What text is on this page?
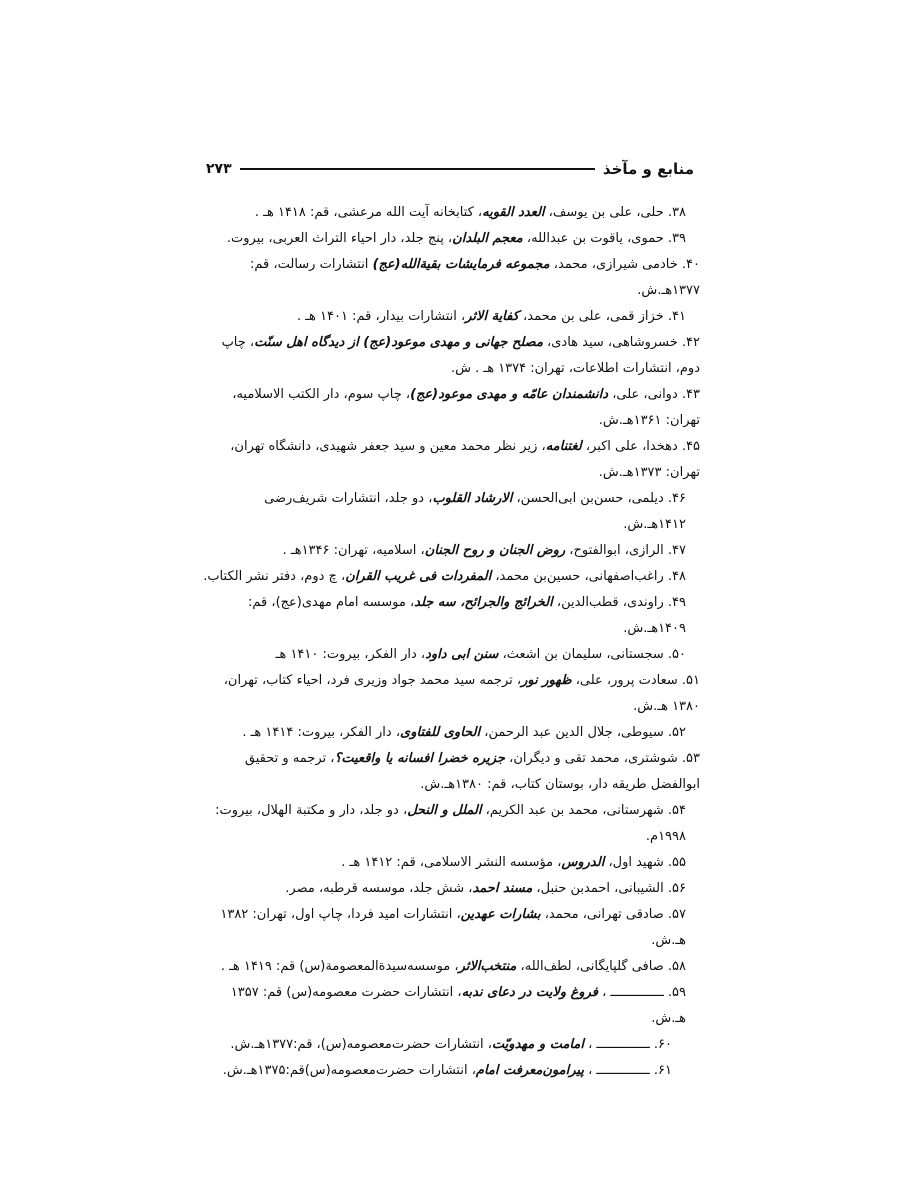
منابع و مآخذ
۲۷۳

۳۸. حلی، علی بن یوسف، العدد القویه، کتابخانه آیت الله مرعشی، قم: ۱۴۱۸ هـ .

۳۹. حموی، یاقوت بن عبدالله، معجم البلدان، پنج جلد، دار احیاء التراث العربی، بیروت.

۴۰. خادمی شیرازی، محمد، مجموعه فرمایشات بقیةالله(عج) انتشارات رسالت، قم: ۱۳۷۷هـ.ش.

۴۱. خزاز قمی، علی بن محمد، کفایة الاثر، انتشارات بیدار، قم: ۱۴۰۱ هـ .

۴۲. خسروشاهی، سید هادی، مصلح جهانی و مهدی موعود(عج) از دیدگاه اهل سنّت، چاپ دوم، انتشارات اطلاعات، تهران: ۱۳۷۴ هـ . ش.

۴۳. دوانی، علی، دانشمندان عامّه و مهدی موعود(عج)، چاپ سوم، دار الکتب الاسلامیه، تهران: ۱۳۶۱هـ.ش.

۴۵. دهخدا، علی اکبر، لغتنامه، زیر نظر محمد معین و سید جعفر شهیدی، دانشگاه تهران، تهران: ۱۳۷۳هـ.ش.

۴۶. دیلمی، حسن‌بن ابی‌الحسن، الارشاد القلوب، دو جلد، انتشارات شریف‌رضی ۱۴۱۲هـ.ش.

۴۷. الرازی، ابوالفتوح، روض الجنان و روح الجنان، اسلامیه، تهران: ۱۳۴۶هـ .

۴۸. راغب‌اصفهانی، حسین‌بن محمد، المفردات فی غریب القران، چ دوم، دفتر نشر الکتاب.

۴۹. راوندی، قطب‌الدین، الخرائج والجرائح، سه جلد، موسسه امام مهدی(عج)، قم: ۱۴۰۹هـ.ش.

۵۰. سجستانی، سلیمان بن اشعث، سنن ابی داود، دار الفکر، بیروت: ۱۴۱۰ هـ

۵۱. سعادت پرور، علی، ظهور نور، ترجمه سید محمد جواد وزیری فرد، احیاء کتاب، تهران، ۱۳۸۰ هـ.ش.

۵۲. سیوطی، جلال الدین عبد الرحمن، الحاوی للفتاوی، دار الفکر، بیروت: ۱۴۱۴ هـ .

۵۳. شوشتری، محمد تقی و دیگران، جزیره خضرا افسانه یا واقعیت؟، ترجمه و تحقیق ابوالفضل طریقه دار، بوستان کتاب، قم: ۱۳۸۰هـ.ش.

۵۴. شهرستانی، محمد بن عبد الکریم، الملل و النحل، دو جلد، دار و مکتبة الهلال، بیروت: ۱۹۹۸م.

۵۵. شهید اول، الدروس، مؤسسه النشر الاسلامی، قم: ۱۴۱۲ هـ .

۵۶. الشیبانی، احمدبن حنبل، مسند احمد، شش جلد، موسسه قرطبه، مصر.

۵۷. صادقی تهرانی، محمد، بشارات عهدین، انتشارات امید فردا، چاپ اول، تهران: ۱۳۸۲ هـ.ش.

۵۸. صافی گلپایگانی، لطف‌الله، منتخب‌الاثر، موسسه‌سیدةالمعصومة(س) قم: ۱۴۱۹ هـ .

۵۹. ــــــــــــــ ، فروغ ولایت در دعای ندبه، انتشارات حضرت معصومه(س) قم: ۱۳۵۷ هـ.ش.

۶۰. ــــــــــــــ ، امامت و مهدویّت، انتشارات حضرت‌معصومه(س)، قم:۱۳۷۷هـ.ش.

۶۱. ــــــــــــــ ، پیرامون‌معرفت امام، انتشارات حضرت‌معصومه(س)قم:۱۳۷۵هـ.ش.
